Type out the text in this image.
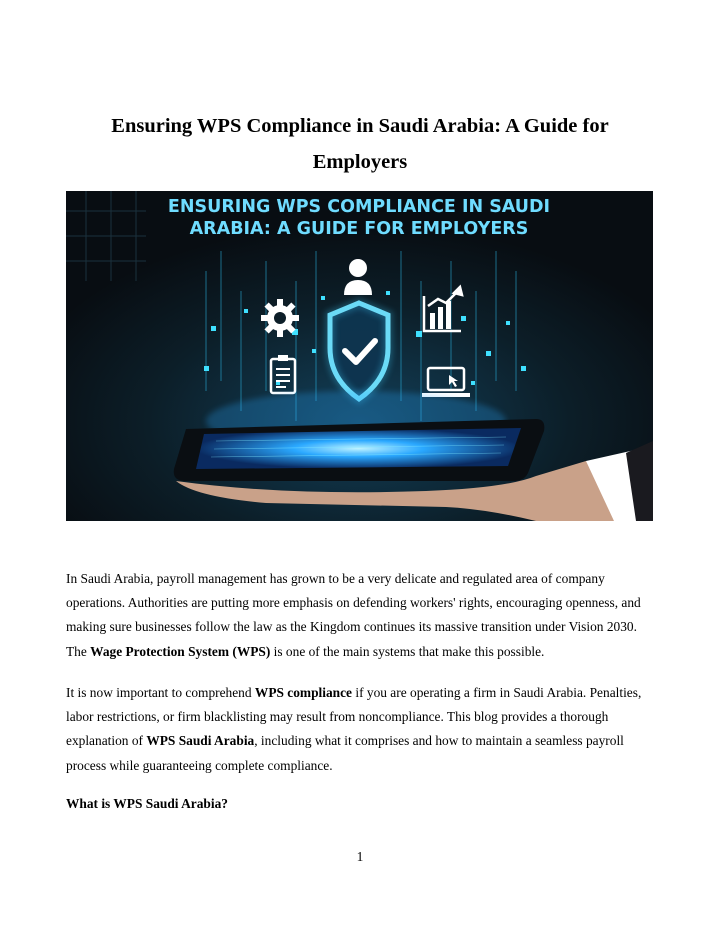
Ensuring WPS Compliance in Saudi Arabia: A Guide for Employers
ENSURING WPS COMPLIANCE IN SAUDI
ARABIA: A GUIDE FOR EMPLOYERS
In Saudi Arabia, payroll management has grown to be a very delicate and regulated area of company operations. Authorities are putting more emphasis on defending workers' rights, encouraging openness, and making sure businesses follow the law as the Kingdom continues its massive transition under Vision 2030. The Wage Protection System (WPS) is one of the main systems that make this possible.
It is now important to comprehend WPS compliance if you are operating a firm in Saudi Arabia. Penalties, labor restrictions, or firm blacklisting may result from noncompliance. This blog provides a thorough explanation of WPS Saudi Arabia, including what it comprises and how to maintain a seamless payroll process while guaranteeing complete compliance.
What is WPS Saudi Arabia?
1
